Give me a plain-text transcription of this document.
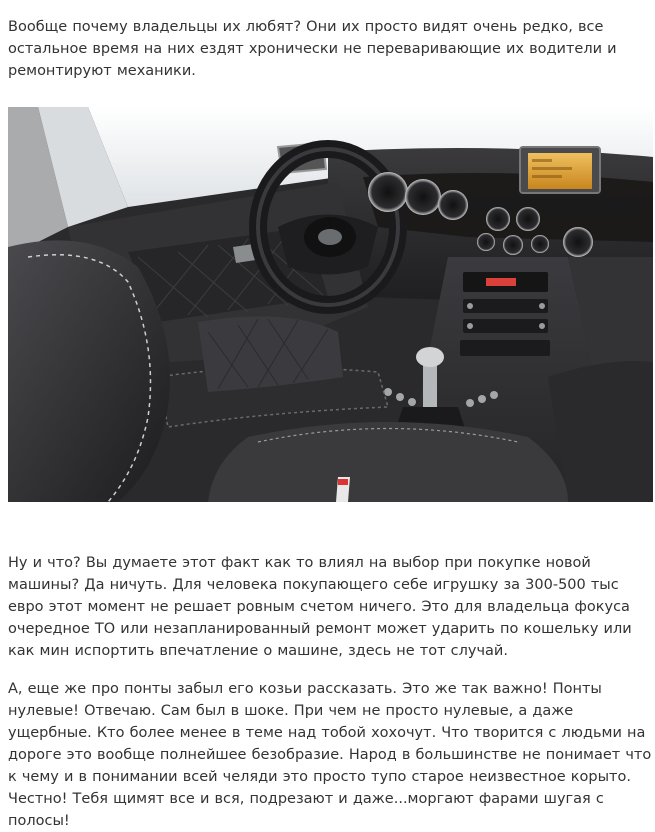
Вообще почему владельцы их любят? Они их просто видят очень редко, все остальное время на них ездят хронически не переваривающие их водители и ремонтируют механики.

Ну и что? Вы думаете этот факт как то влиял на выбор при покупке новой машины? Да ничуть. Для человека покупающего себе игрушку за 300-500 тыс евро этот момент не решает ровным счетом ничего. Это для владельца фокуса очередное ТО или незапланированный ремонт может ударить по кошельку или как мин испортить впечатление о машине, здесь не тот случай.

А, еще же про понты забыл его козьи рассказать. Это же так важно! Понты нулевые! Отвечаю. Сам был в шоке. При чем не просто нулевые, а даже ущербные. Кто более менее в теме над тобой хохочут. Что творится с людьми на дороге это вообще полнейшее безобразие. Народ в большинстве не понимает что к чему и в понимании всей челяди это просто тупо старое неизвестное корыто. Честно! Тебя щимят все и вся, подрезают и даже...моргают фарами шугая с полосы!
